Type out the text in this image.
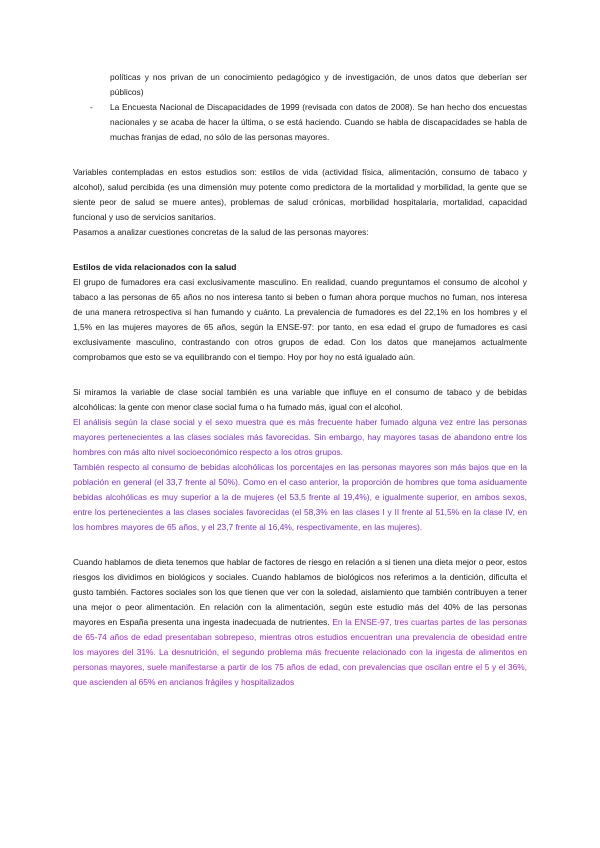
políticas y nos privan de un conocimiento pedagógico y de investigación, de unos datos que deberían ser públicos)

- La Encuesta Nacional de Discapacidades de 1999 (revisada con datos de 2008). Se han hecho dos encuestas nacionales y se acaba de hacer la última, o se está haciendo. Cuando se habla de discapacidades se habla de muchas franjas de edad, no sólo de las personas mayores.

Variables contempladas en estos estudios son: estilos de vida (actividad física, alimentación, consumo de tabaco y alcohol), salud percibida (es una dimensión muy potente como predictora de la mortalidad y morbilidad, la gente que se siente peor de salud se muere antes), problemas de salud crónicas, morbilidad hospitalaria, mortalidad, capacidad funcional y uso de servicios sanitarios.

Pasamos a analizar cuestiones concretas de la salud de las personas mayores:

Estilos de vida relacionados con la salud

El grupo de fumadores era casi exclusivamente masculino. En realidad, cuando preguntamos el consumo de alcohol y tabaco a las personas de 65 años no nos interesa tanto si beben o fuman ahora porque muchos no fuman, nos interesa de una manera retrospectiva si han fumando y cuánto. La prevalencia de fumadores es del 22,1% en los hombres y el 1,5% en las mujeres mayores de 65 años, según la ENSE-97: por tanto, en esa edad el grupo de fumadores es casi exclusivamente masculino, contrastando con otros grupos de edad. Con los datos que manejamos actualmente comprobamos que esto se va equilibrando con el tiempo. Hoy por hoy no está igualado aún.

Si miramos la variable de clase social también es una variable que influye en el consumo de tabaco y de bebidas alcohólicas: la gente con menor clase social fuma o ha fumado más, igual con el alcohol.

El análisis según la clase social y el sexo muestra que es más frecuente haber fumado alguna vez entre las personas mayores pertenecientes a las clases sociales más favorecidas. Sin embargo, hay mayores tasas de abandono entre los hombres con más alto nivel socioeconómico respecto a los otros grupos.

También respecto al consumo de bebidas alcohólicas los porcentajes en las personas mayores son más bajos que en la población en general (el 33,7 frente al 50%). Como en el caso anterior, la proporción de hombres que toma asiduamente bebidas alcohólicas es muy superior a la de mujeres (el 53,5 frente al 19,4%), e igualmente superior, en ambos sexos, entre los pertenecientes a las clases sociales favorecidas (el 58,3% en las clases I y II frente al 51,5% en la clase IV, en los hombres mayores de 65 años, y el 23,7 frente al 16,4%, respectivamente, en las mujeres).

Cuando hablamos de dieta tenemos que hablar de factores de riesgo en relación a si tienen una dieta mejor o peor, estos riesgos los dividimos en biológicos y sociales. Cuando hablamos de biológicos nos referimos a la dentición, dificulta el gusto también. Factores sociales son los que tienen que ver con la soledad, aislamiento que también contribuyen a tener una mejor o peor alimentación. En relación con la alimentación, según este estudio más del 40% de las personas mayores en España presenta una ingesta inadecuada de nutrientes. En la ENSE-97, tres cuartas partes de las personas de 65-74 años de edad presentaban sobrepeso, mientras otros estudios encuentran una prevalencia de obesidad entre los mayores del 31%. La desnutrición, el segundo problema más frecuente relacionado con la ingesta de alimentos en personas mayores, suele manifestarse a partir de los 75 años de edad, con prevalencias que oscilan entre el 5 y el 36%, que ascienden al 65% en ancianos frágiles y hospitalizados
